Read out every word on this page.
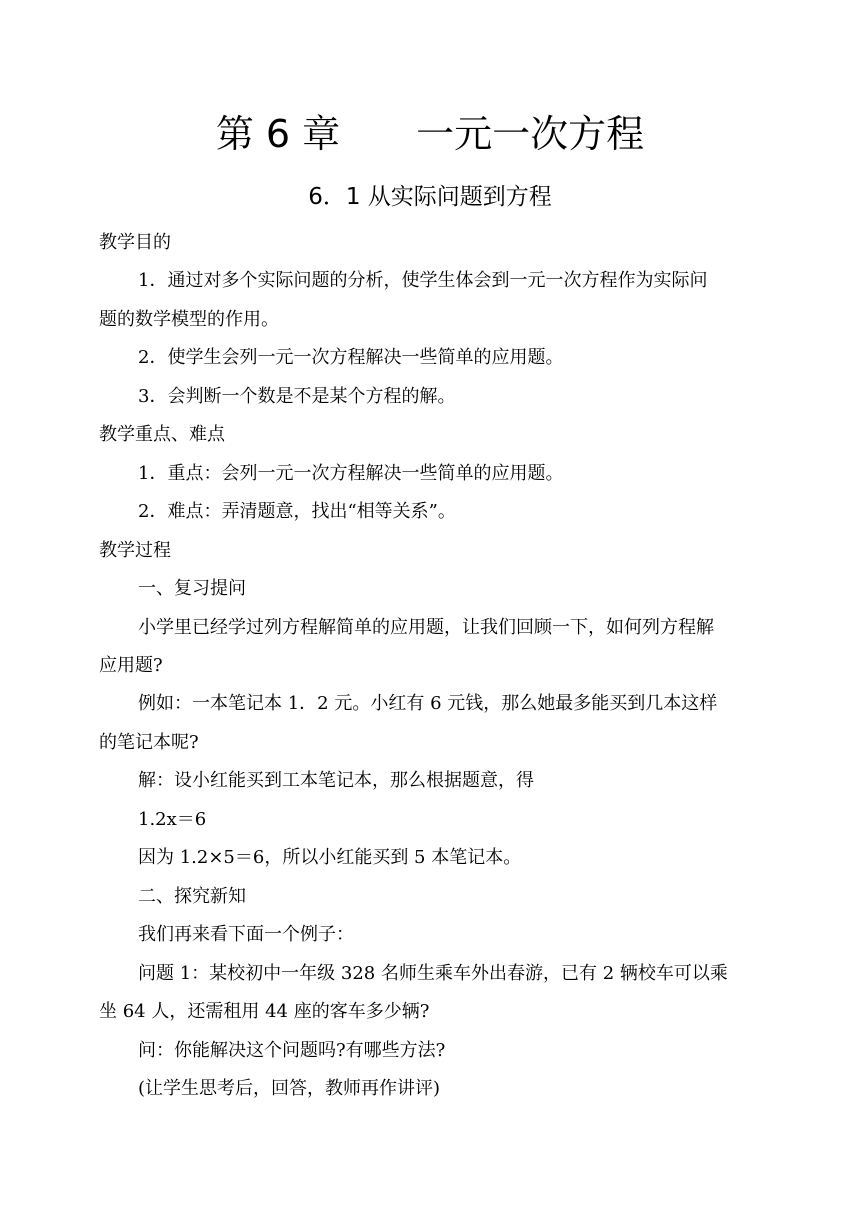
第 6 章　　一元一次方程
6．1 从实际问题到方程
教学目的
1．通过对多个实际问题的分析，使学生体会到一元一次方程作为实际问
题的数学模型的作用。
2．使学生会列一元一次方程解决一些简单的应用题。
3．会判断一个数是不是某个方程的解。
教学重点、难点
1．重点：会列一元一次方程解决一些简单的应用题。
2．难点：弄清题意，找出“相等关系”。
教学过程
一、复习提问
小学里已经学过列方程解简单的应用题，让我们回顾一下，如何列方程解
应用题?
例如：一本笔记本 1．2 元。小红有 6 元钱，那么她最多能买到几本这样
的笔记本呢?
解：设小红能买到工本笔记本，那么根据题意，得
1.2x＝6
因为 1.2×5＝6，所以小红能买到 5 本笔记本。
二、探究新知
我们再来看下面一个例子：
问题 1：某校初中一年级 328 名师生乘车外出春游，已有 2 辆校车可以乘
坐 64 人，还需租用 44 座的客车多少辆?
问：你能解决这个问题吗?有哪些方法?
(让学生思考后，回答，教师再作讲评)
